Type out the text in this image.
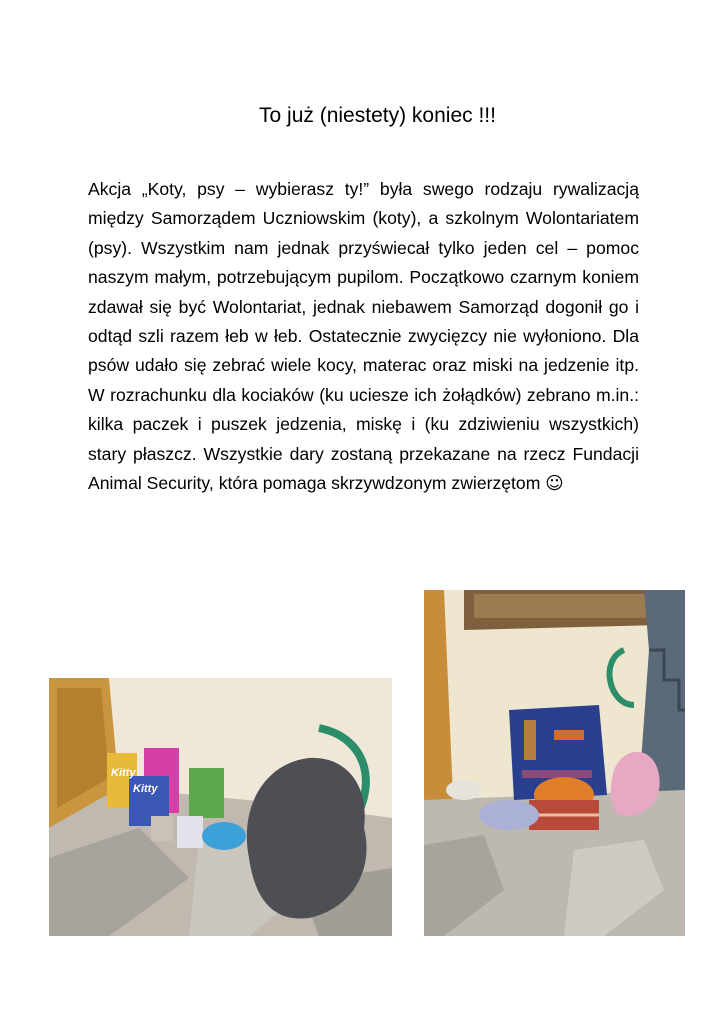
To już (niestety) koniec !!!

Akcja „Koty, psy – wybierasz ty!” była swego rodzaju rywalizacją między Samorządem Uczniowskim (koty), a szkolnym Wolontariatem (psy). Wszystkim nam jednak przyświecał tylko jeden cel – pomoc naszym małym, potrzebującym pupilom. Początkowo czarnym koniem zdawał się być Wolontariat, jednak niebawem Samorząd dogonił go i odtąd szli razem łeb w łeb. Ostatecznie zwycięzcy nie wyłoniono. Dla psów udało się zebrać wiele kocy, materac oraz miski na jedzenie itp. W rozrachunku dla kociaków (ku uciesze ich żołądków) zebrano m.in.: kilka paczek i puszek jedzenia, miskę i (ku zdziwieniu wszystkich) stary płaszcz. Wszystkie dary zostaną przekazane na rzecz Fundacji Animal Security, która pomaga skrzywdzonym zwierzętom ☺

Kitty
Kitty
